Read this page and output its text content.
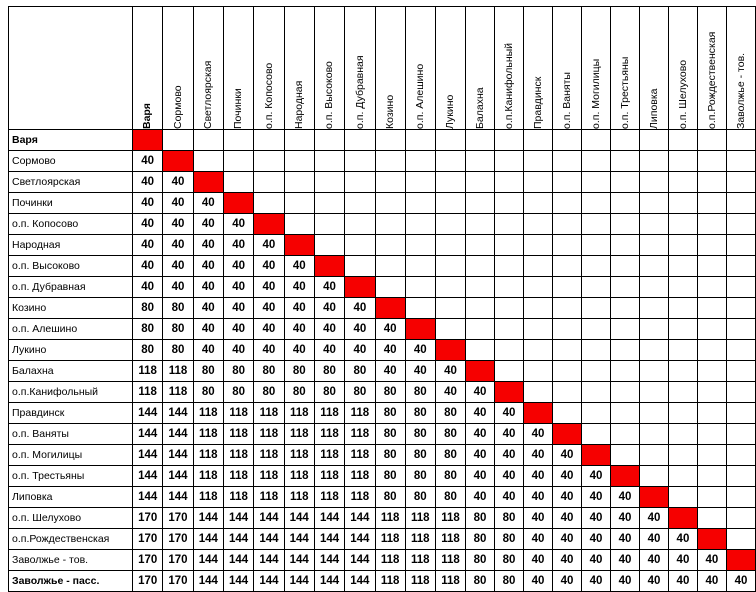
	Варя	Сормово	Светлоярская	Починки	о.п. Копосово	Народная	о.п. Высоково	о.п. Дубравная	Козино	о.п. Алешино	Лукино	Балахна	о.п.Канифольный	Правдинск	о.п. Ваняты	о.п. Могилицы	о.п. Трестьяны	Липовка	о.п. Шелухово	о.п.Рождественская	Заволжье - тов.

Варя																					
Сормово	40																				
Светлоярская	40	40																			
Починки	40	40	40																		
о.п. Копосово	40	40	40	40																	
Народная	40	40	40	40	40																
о.п. Высоково	40	40	40	40	40	40															
о.п. Дубравная	40	40	40	40	40	40	40														
Козино	80	80	40	40	40	40	40	40													
о.п. Алешино	80	80	40	40	40	40	40	40	40												
Лукино	80	80	40	40	40	40	40	40	40	40											
Балахна	118	118	80	80	80	80	80	80	40	40	40										
о.п.Канифольный	118	118	80	80	80	80	80	80	80	80	40	40									
Правдинск	144	144	118	118	118	118	118	118	80	80	80	40	40								
о.п. Ваняты	144	144	118	118	118	118	118	118	80	80	80	40	40	40							
о.п. Могилицы	144	144	118	118	118	118	118	118	80	80	80	40	40	40	40						
о.п. Трестьяны	144	144	118	118	118	118	118	118	80	80	80	40	40	40	40	40					
Липовка	144	144	118	118	118	118	118	118	80	80	80	40	40	40	40	40	40				
о.п. Шелухово	170	170	144	144	144	144	144	144	118	118	118	80	80	40	40	40	40	40			
о.п.Рождественская	170	170	144	144	144	144	144	144	118	118	118	80	80	40	40	40	40	40	40		
Заволжье - тов.	170	170	144	144	144	144	144	144	118	118	118	80	80	40	40	40	40	40	40	40	
Заволжье - пасс.	170	170	144	144	144	144	144	144	118	118	118	80	80	40	40	40	40	40	40	40	40
